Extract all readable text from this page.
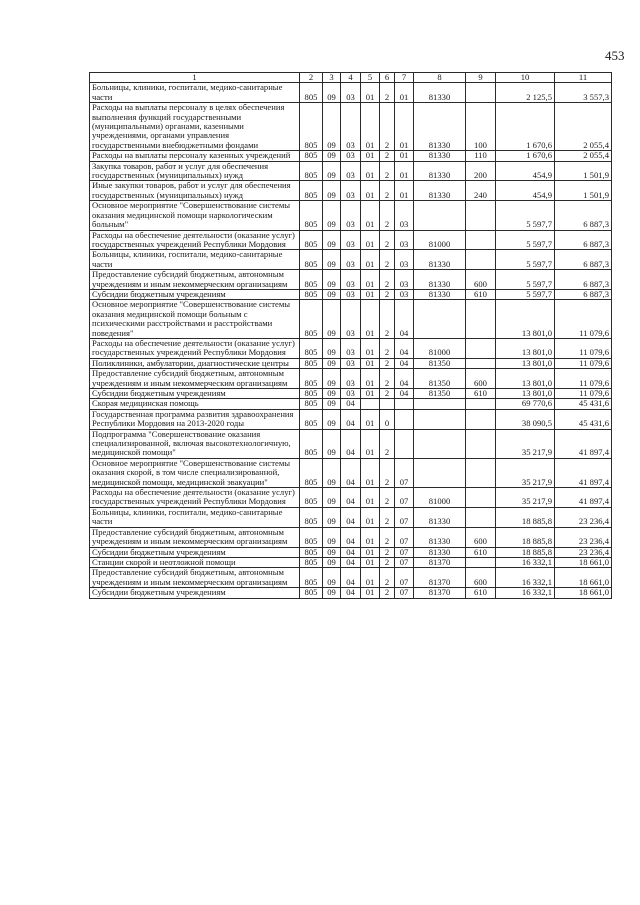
453
1	2	3	4	5	6	7	8	9	10	11
Больницы, клиники, госпитали, медико-санитарные части	805	09	03	01	2	01	81330		2 125,5	3 557,3
Расходы на выплаты персоналу в целях обеспечения выполнения функций государственными (муниципальными) органами, казенными учреждениями, органами управления государственными внебюджетными фондами	805	09	03	01	2	01	81330	100	1 670,6	2 055,4
Расходы на выплаты персоналу казенных учреждений	805	09	03	01	2	01	81330	110	1 670,6	2 055,4
Закупка товаров, работ и услуг для обеспечения государственных (муниципальных) нужд	805	09	03	01	2	01	81330	200	454,9	1 501,9
Иные закупки товаров, работ и услуг для обеспечения государственных (муниципальных) нужд	805	09	03	01	2	01	81330	240	454,9	1 501,9
Основное мероприятие "Совершенствование системы оказания медицинской помощи наркологическим больным"	805	09	03	01	2	03			5 597,7	6 887,3
Расходы на обеспечение деятельности (оказание услуг) государственных учреждений Республики Мордовия	805	09	03	01	2	03	81000		5 597,7	6 887,3
Больницы, клиники, госпитали, медико-санитарные части	805	09	03	01	2	03	81330		5 597,7	6 887,3
Предоставление субсидий бюджетным, автономным учреждениям и иным некоммерческим организациям	805	09	03	01	2	03	81330	600	5 597,7	6 887,3
Субсидии бюджетным учреждениям	805	09	03	01	2	03	81330	610	5 597,7	6 887,3
Основное мероприятие "Совершенствование системы оказания медицинской помощи больным с психическими расстройствами и расстройствами поведения"	805	09	03	01	2	04			13 801,0	11 079,6
Расходы на обеспечение деятельности (оказание услуг) государственных учреждений Республики Мордовия	805	09	03	01	2	04	81000		13 801,0	11 079,6
Поликлиники, амбулатории, диагностические центры	805	09	03	01	2	04	81350		13 801,0	11 079,6
Предоставление субсидий бюджетным, автономным учреждениям и иным некоммерческим организациям	805	09	03	01	2	04	81350	600	13 801,0	11 079,6
Субсидии бюджетным учреждениям	805	09	03	01	2	04	81350	610	13 801,0	11 079,6
Скорая медицинская помощь	805	09	04						69 770,6	45 431,6
Государственная программа развития здравоохранения Республики Мордовия на 2013-2020 годы	805	09	04	01	0				38 090,5	45 431,6
Подпрограмма "Совершенствование оказания специализированной, включая высокотехнологичную, медицинской помощи"	805	09	04	01	2				35 217,9	41 897,4
Основное мероприятие "Совершенствование системы оказания скорой, в том числе специализированной, медицинской помощи, медицинской эвакуации"	805	09	04	01	2	07			35 217,9	41 897,4
Расходы на обеспечение деятельности (оказание услуг) государственных учреждений Республики Мордовия	805	09	04	01	2	07	81000		35 217,9	41 897,4
Больницы, клиники, госпитали, медико-санитарные части	805	09	04	01	2	07	81330		18 885,8	23 236,4
Предоставление субсидий бюджетным, автономным учреждениям и иным некоммерческим организациям	805	09	04	01	2	07	81330	600	18 885,8	23 236,4
Субсидии бюджетным учреждениям	805	09	04	01	2	07	81330	610	18 885,8	23 236,4
Станции скорой и неотложной помощи	805	09	04	01	2	07	81370		16 332,1	18 661,0
Предоставление субсидий бюджетным, автономным учреждениям и иным некоммерческим организациям	805	09	04	01	2	07	81370	600	16 332,1	18 661,0
Субсидии бюджетным учреждениям	805	09	04	01	2	07	81370	610	16 332,1	18 661,0
